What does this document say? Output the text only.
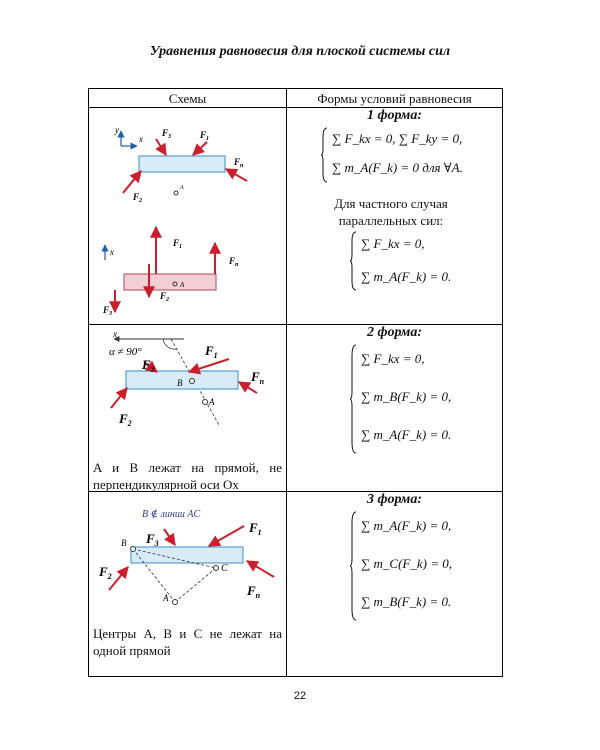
Уравнения равновесия для плоской системы сил
Схемы	Формы условий равновесия
y
x
$F_3$	$F_1$
$F_n$
$F_2$
A
x
$F_1$
$F_n$
$F_2$
$F_3$
A
1 форма:
∑ F_kx = 0, ∑ F_ky = 0,
∑ m_A(F_k) = 0 для ∀A.
Для частного случая параллельных сил:
∑ F_kx = 0,
∑ m_A(F_k) = 0.
x
α ≠ 90°	$F_1$
$F_3$	$F_n$
$F_2$
B
A
A и B лежат на прямой, не перпендикулярной оси Ox
2 форма:
∑ F_kx = 0,
∑ m_B(F_k) = 0,
∑ m_A(F_k) = 0.
B ∉ линии AC
$F_3$
$F_1$
$F_2$
$F_n$
B
C
A
Центры A, B и C не лежат на одной прямой
3 форма:
∑ m_A(F_k) = 0,
∑ m_C(F_k) = 0,
∑ m_B(F_k) = 0.
22
